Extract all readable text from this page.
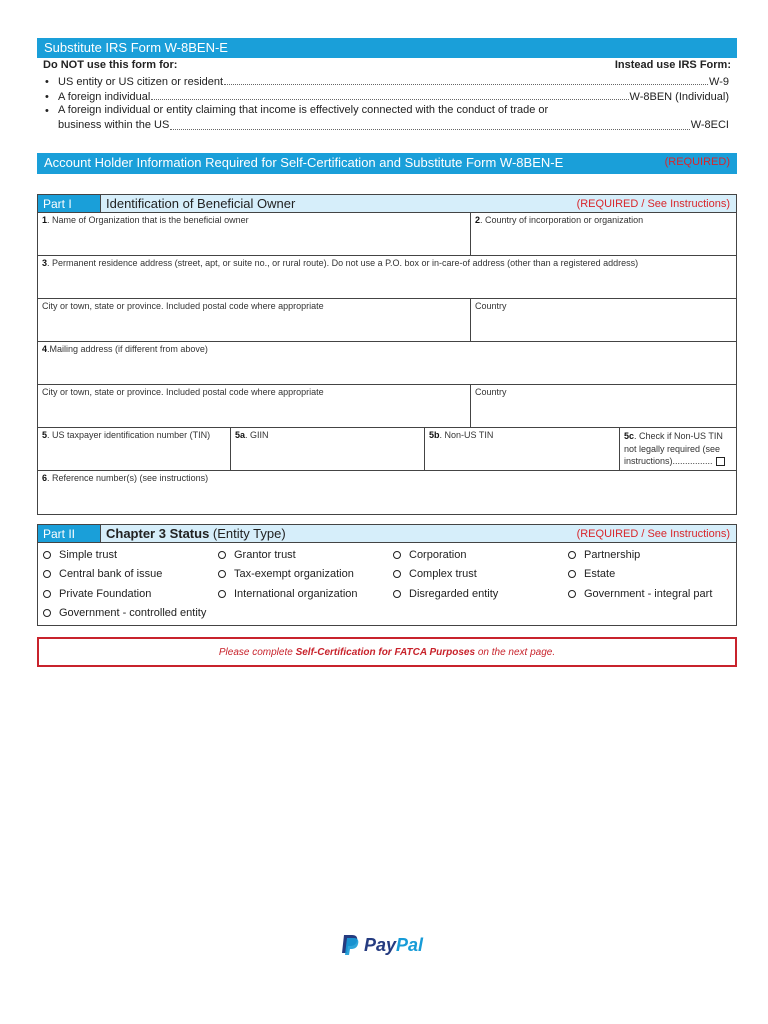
Substitute IRS Form W-8BEN-E
Do NOT use this form for:	Instead use IRS Form:
• US entity or US citizen or resident	W-9
• A foreign individual	W-8BEN (Individual)
• A foreign individual or entity claiming that income is effectively connected with the conduct of trade or
business within the US	W-8ECI
Account Holder Information Required for Self-Certification and Substitute Form W-8BEN-E	(REQUIRED)
Part I	Identification of Beneficial Owner	(REQUIRED / See Instructions)
1. Name of Organization that is the beneficial owner	2. Country of incorporation or organization
3. Permanent residence address (street, apt, or suite no., or rural route). Do not use a P.O. box or in-care-of address (other than a registered address)
City or town, state or province. Included postal code where appropriate	Country
4.Mailing address (if different from above)
City or town, state or province. Included postal code where appropriate	Country
5. US taxpayer identification number (TIN)	5a. GIIN	5b. Non-US TIN	5c. Check if Non-US TIN
not legally required (see
instructions)................
6. Reference number(s) (see instructions)
Part II	Chapter 3 Status (Entity Type)	(REQUIRED / See Instructions)
Simple trust	Grantor trust	Corporation	Partnership
Central bank of issue	Tax-exempt organization	Complex trust	Estate
Private Foundation	International organization	Disregarded entity	Government - integral part
Government - controlled entity
Please complete Self-Certification for FATCA Purposes on the next page.
PayPal
